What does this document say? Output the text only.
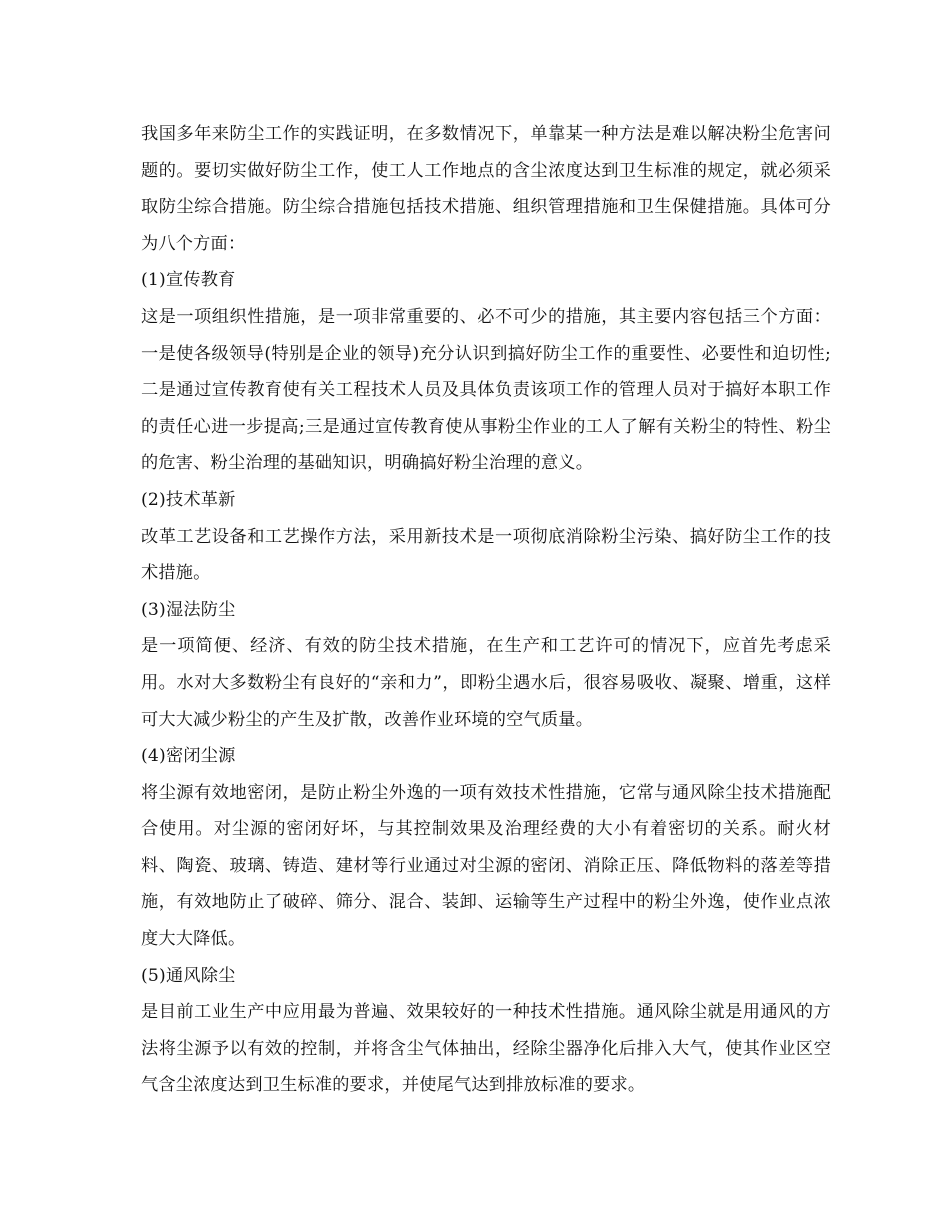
我国多年来防尘工作的实践证明，在多数情况下，单靠某一种方法是难以解决粉尘危害问题的。要切实做好防尘工作，使工人工作地点的含尘浓度达到卫生标准的规定，就必须采取防尘综合措施。防尘综合措施包括技术措施、组织管理措施和卫生保健措施。具体可分为八个方面：

(1)宣传教育

这是一项组织性措施，是一项非常重要的、必不可少的措施，其主要内容包括三个方面：一是使各级领导(特别是企业的领导)充分认识到搞好防尘工作的重要性、必要性和迫切性;二是通过宣传教育使有关工程技术人员及具体负责该项工作的管理人员对于搞好本职工作的责任心进一步提高;三是通过宣传教育使从事粉尘作业的工人了解有关粉尘的特性、粉尘的危害、粉尘治理的基础知识，明确搞好粉尘治理的意义。

(2)技术革新

改革工艺设备和工艺操作方法，采用新技术是一项彻底消除粉尘污染、搞好防尘工作的技术措施。

(3)湿法防尘

是一项简便、经济、有效的防尘技术措施，在生产和工艺许可的情况下，应首先考虑采用。水对大多数粉尘有良好的“亲和力”，即粉尘遇水后，很容易吸收、凝聚、增重，这样可大大减少粉尘的产生及扩散，改善作业环境的空气质量。

(4)密闭尘源

将尘源有效地密闭，是防止粉尘外逸的一项有效技术性措施，它常与通风除尘技术措施配合使用。对尘源的密闭好坏，与其控制效果及治理经费的大小有着密切的关系。耐火材料、陶瓷、玻璃、铸造、建材等行业通过对尘源的密闭、消除正压、降低物料的落差等措施，有效地防止了破碎、筛分、混合、装卸、运输等生产过程中的粉尘外逸，使作业点浓度大大降低。

(5)通风除尘

是目前工业生产中应用最为普遍、效果较好的一种技术性措施。通风除尘就是用通风的方法将尘源予以有效的控制，并将含尘气体抽出，经除尘器净化后排入大气，使其作业区空气含尘浓度达到卫生标准的要求，并使尾气达到排放标准的要求。
